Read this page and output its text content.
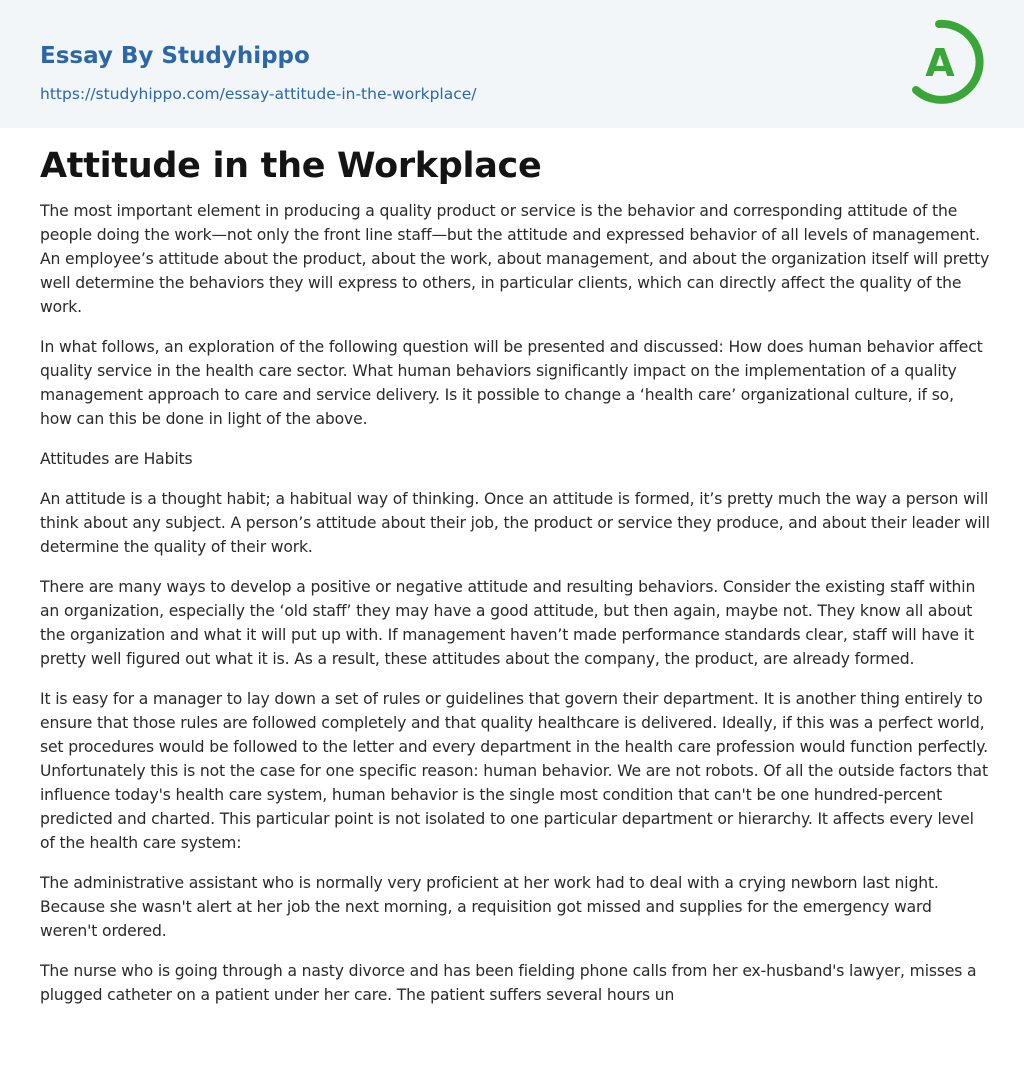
Essay By Studyhippo
https://studyhippo.com/essay-attitude-in-the-workplace/
A
Attitude in the Workplace

The most important element in producing a quality product or service is the behavior and corresponding attitude of the people doing the work—not only the front line staff—but the attitude and expressed behavior of all levels of management. An employee’s attitude about the product, about the work, about management, and about the organization itself will pretty well determine the behaviors they will express to others, in particular clients, which can directly affect the quality of the work.

In what follows, an exploration of the following question will be presented and discussed: How does human behavior affect quality service in the health care sector. What human behaviors significantly impact on the implementation of a quality management approach to care and service delivery. Is it possible to change a ‘health care’ organizational culture, if so, how can this be done in light of the above.

Attitudes are Habits

An attitude is a thought habit; a habitual way of thinking. Once an attitude is formed, it’s pretty much the way a person will think about any subject. A person’s attitude about their job, the product or service they produce, and about their leader will determine the quality of their work.

There are many ways to develop a positive or negative attitude and resulting behaviors. Consider the existing staff within an organization, especially the ‘old staff’ they may have a good attitude, but then again, maybe not. They know all about the organization and what it will put up with. If management haven’t made performance standards clear, staff will have it pretty well figured out what it is. As a result, these attitudes about the company, the product, are already formed.

It is easy for a manager to lay down a set of rules or guidelines that govern their department. It is another thing entirely to ensure that those rules are followed completely and that quality healthcare is delivered. Ideally, if this was a perfect world, set procedures would be followed to the letter and every department in the health care profession would function perfectly. Unfortunately this is not the case for one specific reason: human behavior. We are not robots. Of all the outside factors that influence today's health care system, human behavior is the single most condition that can't be one hundred-percent predicted and charted. This particular point is not isolated to one particular department or hierarchy. It affects every level of the health care system:

The administrative assistant who is normally very proficient at her work had to deal with a crying newborn last night. Because she wasn't alert at her job the next morning, a requisition got missed and supplies for the emergency ward weren't ordered.

The nurse who is going through a nasty divorce and has been fielding phone calls from her ex-husband's lawyer, misses a plugged catheter on a patient under her care. The patient suffers several hours un
